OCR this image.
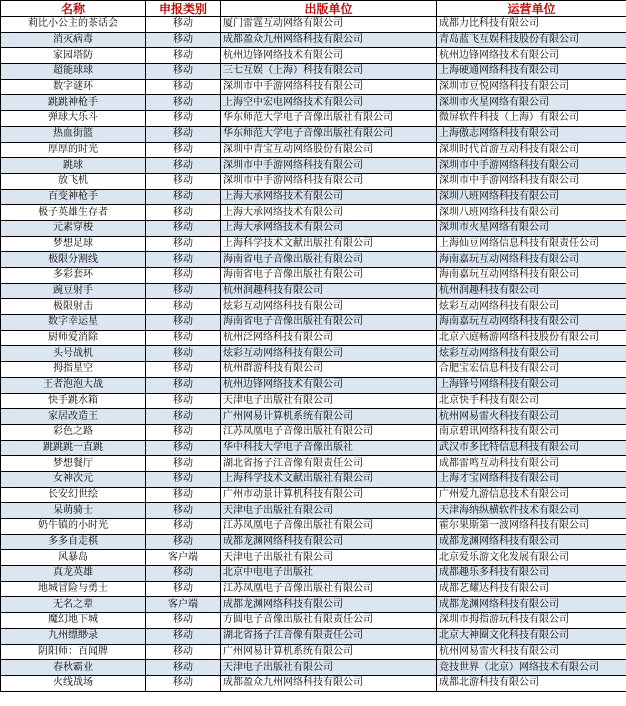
名称	申报类别	出版单位	运营单位
莉比小公主的茶话会	移动	厦门雷霆互动网络有限公司	成都力比科技有限公司
消灭病毒	移动	成都盈众九州网络科技有限公司	青岛蓝飞互娱科技股份有限公司
家园塔防	移动	杭州边锋网络技术有限公司	杭州边锋网络技术有限公司
超能球球	移动	三七互娱（上海）科技有限公司	上海硬通网络科技有限公司
数字谜环	移动	深圳市中手游网络科技有限公司	深圳市豆悦网络科技有限公司
跳跳神枪手	移动	上海空中宏电网络技术有限公司	深圳市火星网络有限公司
弹球大乐斗	移动	华东师范大学电子音像出版社有限公司	微屏软件科技（上海）有限公司
热血街篮	移动	华东师范大学电子音像出版社有限公司	上海傲志网络科技有限公司
厚厚的时光	移动	深圳中青宝互动网络股份有限公司	深圳时代首游互动科技有限公司
跳球	移动	深圳市中手游网络科技有限公司	深圳市中手游网络科技有限公司
放飞机	移动	深圳市中手游网络科技有限公司	深圳市中手游网络科技有限公司
百变神枪手	移动	上海大承网络技术有限公司	深圳八班网络科技有限公司
极子英雄生存者	移动	上海大承网络技术有限公司	深圳八班网络科技有限公司
元素穿梭	移动	上海大承网络技术有限公司	深圳市火星网络有限公司
梦想足球	移动	上海科学技术文献出版社有限公司	上海仙豆网络信息科技有限责任公司
极限分割线	移动	海南省电子音像出版社有限公司	海南嘉玩互动网络科技有限公司
多彩套环	移动	海南省电子音像出版社有限公司	海南嘉玩互动网络科技有限公司
豌豆射手	移动	杭州润趣科技有限公司	杭州润趣科技有限公司
极限射击	移动	炫彩互动网络科技有限公司	炫彩互动网络科技有限公司
数字幸运星	移动	海南省电子音像出版社有限公司	海南嘉玩互动网络科技有限公司
厨师爱消除	移动	杭州泛网络科技有限公司	北京六庭畅游网络科技股份有限公司
头号战机	移动	炫彩互动网络科技有限公司	炫彩互动网络科技有限公司
拇指星空	移动	杭州群游科技有限公司	合肥宝宏信息科技有限公司
王者泡泡大战	移动	杭州边锋网络技术有限公司	上海锋号网络科技有限公司
快手跳水箱	移动	天津电子出版社有限公司	北京快手科技有限公司
家居改造王	移动	广州网易计算机系统有限公司	杭州网易雷火科技有限公司
彩色之路	移动	江苏凤凰电子音像出版社有限公司	南京碧讯网络科技有限公司
跳跳跳一直跳	移动	华中科技大学电子音像出版社	武汉市多比特信息科技有限公司
梦想餐厅	移动	湖北省扬子江音像有限责任公司	成都雷鸣互动科技有限公司
女神次元	移动	上海科学技术文献出版社有限公司	上海才宝网络科技有限公司
长安幻世绘	移动	广州市动景计算机科技有限公司	广州爱九游信息技术有限公司
呆萌骑士	移动	天津电子出版社有限公司	天津海纳纵横软件技术有限公司
奶牛镇的小时光	移动	江苏凤凰电子音像出版社有限公司	霍尔果斯第一波网络科技有限公司
多多自走棋	移动	成都龙渊网络科技有限公司	成都龙渊网络科技有限公司
风暴岛	客户端	天津电子出版社有限公司	北京爱乐游文化发展有限公司
真龙英雄	移动	北京中电电子出版社	成都趣乐多科技有限公司
地城冒险与勇士	移动	江苏凤凰电子音像出版社有限公司	成都艺耀达科技有限公司
无名之辈	客户端	成都龙渊网络科技有限公司	成都龙渊网络科技有限公司
魔幻地下城	移动	方圆电子音像出版社有限责任公司	深圳市拇指游玩科技有限公司
九州缥缈录	移动	湖北省扬子江音像有限责任公司	北京大神圈文化科技有限公司
阴阳师：百闻牌	移动	广州网易计算机系统有限公司	杭州网易雷火科技有限公司
春秋霸业	移动	天津电子出版社有限公司	竞技世界（北京）网络技术有限公司
火线战场	移动	成都盈众九州网络科技有限公司	成都北游科技有限公司
